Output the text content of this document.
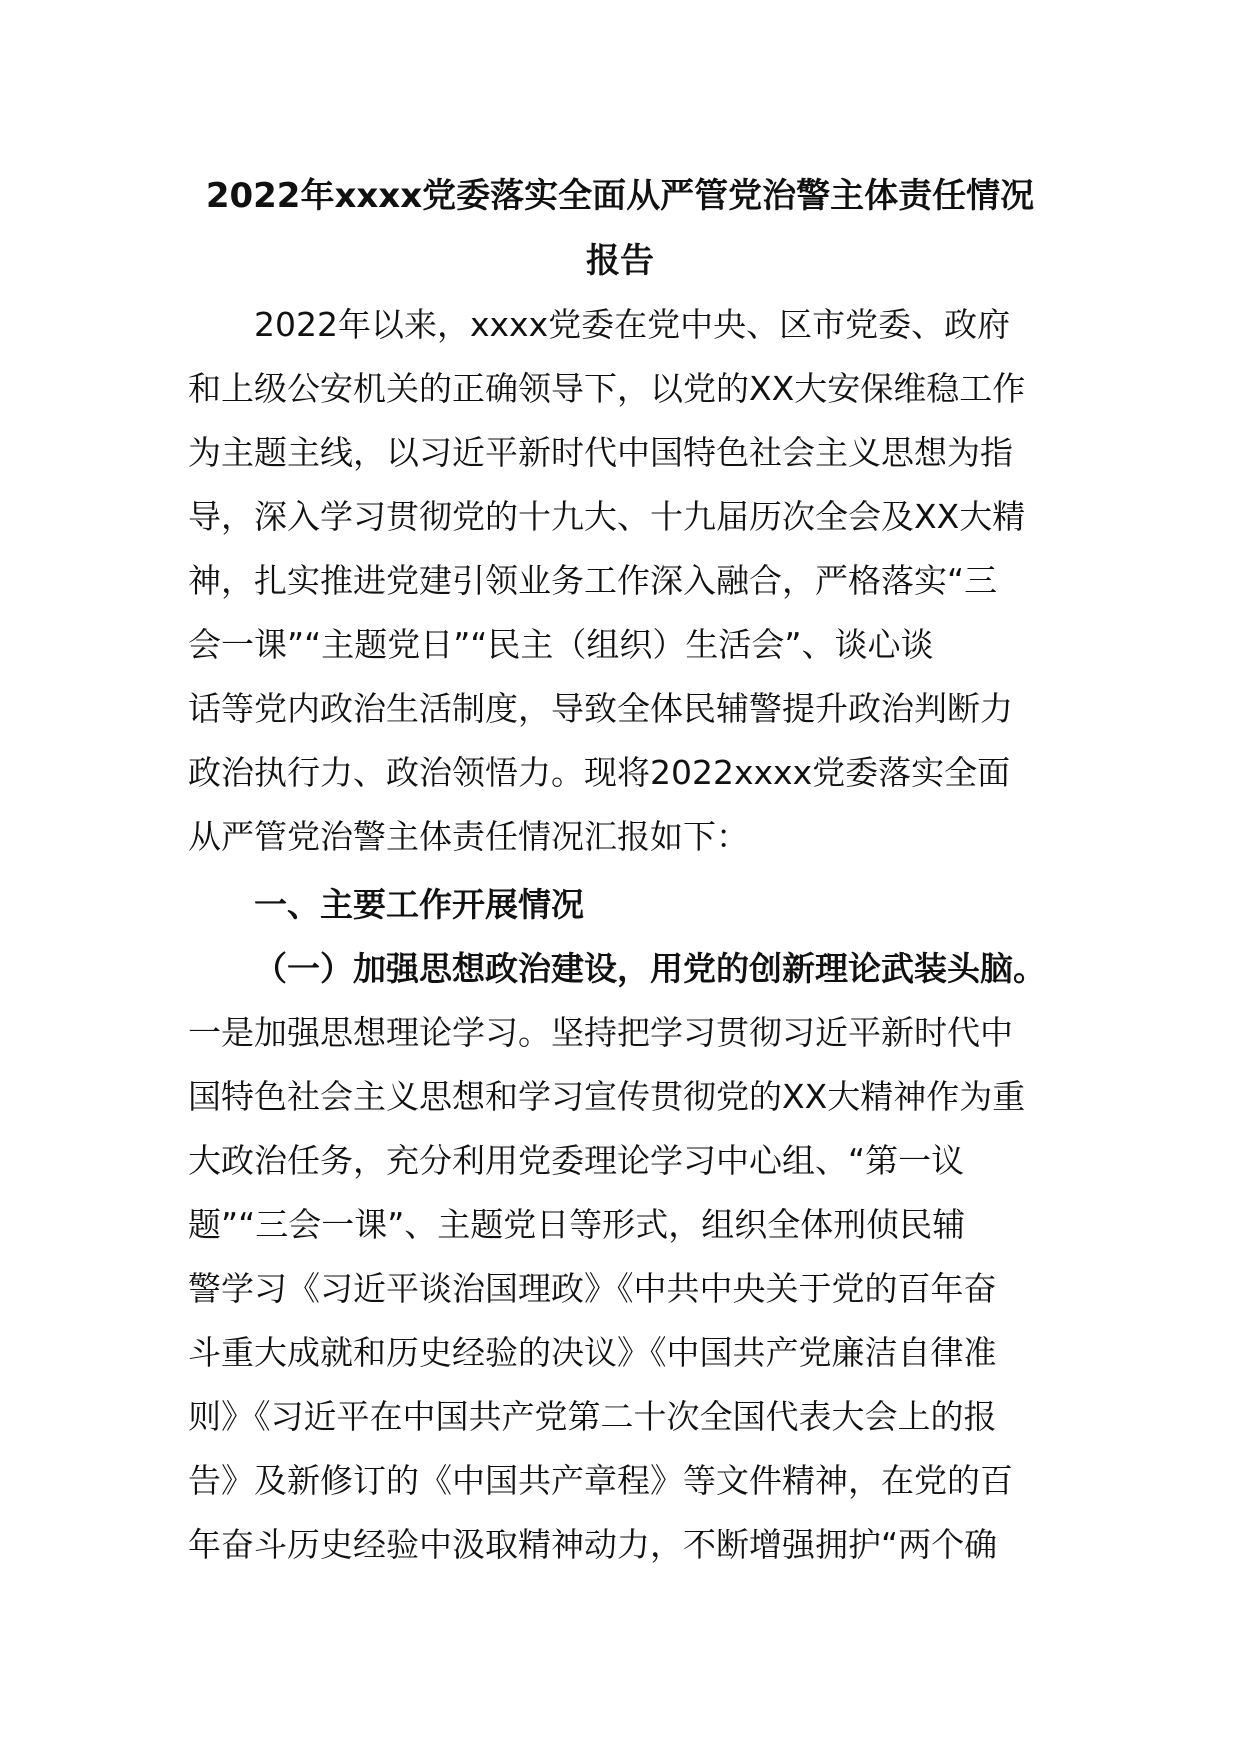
2022年xxxx党委落实全面从严管党治警主体责任情况
报告

2022年以来，xxxx党委在党中央、区市党委、政府

和上级公安机关的正确领导下，以党的XX大安保维稳工作

为主题主线，以习近平新时代中国特色社会主义思想为指

导，深入学习贯彻党的十九大、十九届历次全会及XX大精

神，扎实推进党建引领业务工作深入融合，严格落实“三

会一课”“主题党日”“民主（组织）生活会”、谈心谈

话等党内政治生活制度，导致全体民辅警提升政治判断力

政治执行力、政治领悟力。现将2022xxxx党委落实全面

从严管党治警主体责任情况汇报如下：

一、主要工作开展情况

（一）加强思想政治建设，用党的创新理论武装头脑。

一是加强思想理论学习。坚持把学习贯彻习近平新时代中

国特色社会主义思想和学习宣传贯彻党的XX大精神作为重

大政治任务，充分利用党委理论学习中心组、“第一议

题”“三会一课”、主题党日等形式，组织全体刑侦民辅

警学习《习近平谈治国理政》《中共中央关于党的百年奋

斗重大成就和历史经验的决议》《中国共产党廉洁自律准

则》《习近平在中国共产党第二十次全国代表大会上的报

告》及新修订的《中国共产章程》等文件精神，在党的百

年奋斗历史经验中汲取精神动力，不断增强拥护“两个确
